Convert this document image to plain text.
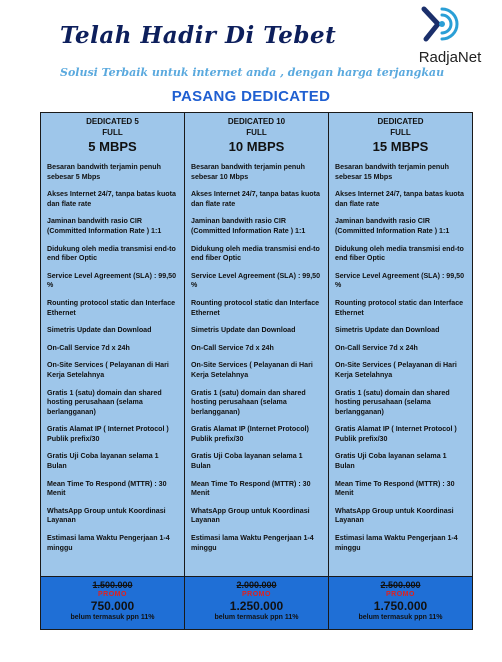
Telah Hadir Di Tebet

Solusi Terbaik untuk internet anda , dengan harga terjangkau

RadjaNet
PASANG DEDICATED
DEDICATED 5
FULL
5 MBPS
Besaran bandwith terjamin penuh sebesar 5 Mbps
Akses Internet 24/7, tanpa batas kuota dan flate rate
Jaminan bandwith rasio CIR (Committed Information Rate ) 1:1
Didukung oleh media transmisi end-to end fiber Optic
Service Level Agreement (SLA) : 99,50 %
Rounting protocol static dan Interface Ethernet
Simetris Update dan Download
On-Call Service 7d x 24h
On-Site Services ( Pelayanan di Hari Kerja Setelahnya
Gratis 1 (satu) domain dan shared hosting perusahaan (selama berlangganan)
Gratis Alamat IP ( Internet Protocol ) Publik prefix/30
Gratis Uji Coba layanan selama 1 Bulan
Mean Time To Respond (MTTR) : 30 Menit
WhatsApp Group untuk Koordinasi Layanan
Estimasi lama Waktu Pengerjaan 1-4 minggu
1.500.000
PROMO
750.000
belum termasuk ppn 11%
DEDICATED 10
FULL
10 MBPS
Besaran bandwith terjamin penuh sebesar 10 Mbps
Akses Internet 24/7, tanpa batas kuota dan flate rate
Jaminan bandwith rasio CIR (Committed Information Rate ) 1:1
Didukung oleh media transmisi end-to end fiber Optic
Service Level Agreement (SLA) : 99,50 %
Rounting protocol static dan Interface Ethernet
Simetris Update dan Download
On-Call Service 7d x 24h
On-Site Services ( Pelayanan di Hari Kerja Setelahnya
Gratis 1 (satu) domain dan shared hosting perusahaan (selama berlangganan)
Gratis Alamat IP (Internet Protocol) Publik prefix/30
Gratis Uji Coba layanan selama 1 Bulan
Mean Time To Respond (MTTR) : 30 Menit
WhatsApp Group untuk Koordinasi Layanan
Estimasi lama Waktu Pengerjaan 1-4 minggu
2.000.000
PROMO
1.250.000
belum termasuk ppn 11%
DEDICATED
FULL
15 MBPS
Besaran bandwith terjamin penuh sebesar 15 Mbps
Akses Internet 24/7, tanpa batas kuota dan flate rate
Jaminan bandwith rasio CIR (Committed Information Rate ) 1:1
Didukung oleh media transmisi end-to end fiber Optic
Service Level Agreement (SLA) : 99,50 %
Rounting protocol static dan Interface Ethernet
Simetris Update dan Download
On-Call Service 7d x 24h
On-Site Services ( Pelayanan di Hari Kerja Setelahnya
Gratis 1 (satu) domain dan shared hosting perusahaan (selama berlangganan)
Gratis Alamat IP ( Internet Protocol ) Publik prefix/30
Gratis Uji Coba layanan selama 1 Bulan
Mean Time To Respond (MTTR) : 30 Menit
WhatsApp Group untuk Koordinasi Layanan
Estimasi lama Waktu Pengerjaan 1-4 minggu
2.500.000
PROMO
1.750.000
belum termasuk ppn 11%
